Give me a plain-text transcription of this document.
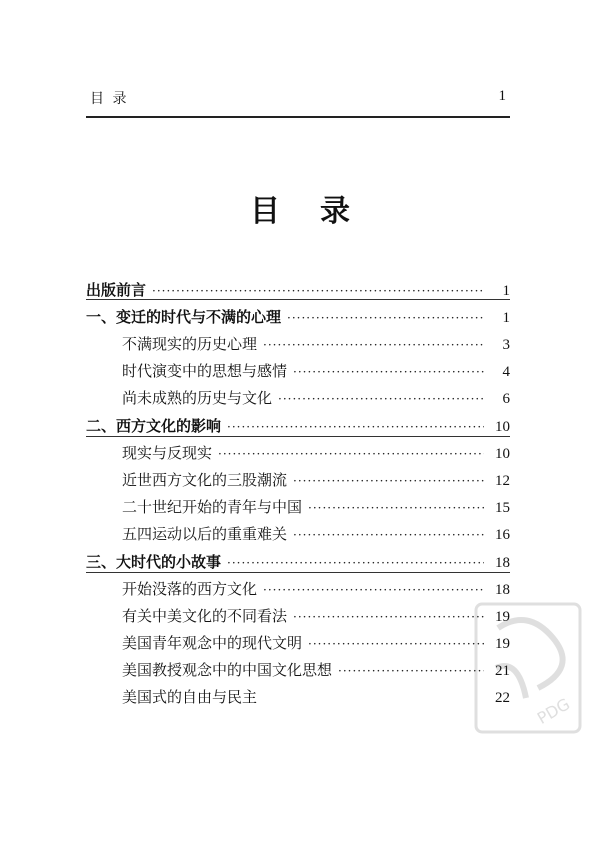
目 录	1
目录
出版前言 ·····	1
一、变迁的时代与不满的心理 ·····	1
不满现实的历史心理 ·····	3
时代演变中的思想与感情 ·····	4
尚未成熟的历史与文化 ·····	6
二、西方文化的影响 ·····	10
现实与反现实 ·····	10
近世西方文化的三股潮流 ·····	12
二十世纪开始的青年与中国 ·····	15
五四运动以后的重重难关 ·····	16
三、大时代的小故事 ·····	18
开始没落的西方文化 ·····	18
有关中美文化的不同看法 ·····	19
美国青年观念中的现代文明 ·····	19
美国教授观念中的中国文化思想 ·····	21
美国式的自由与民主	22 PDG
